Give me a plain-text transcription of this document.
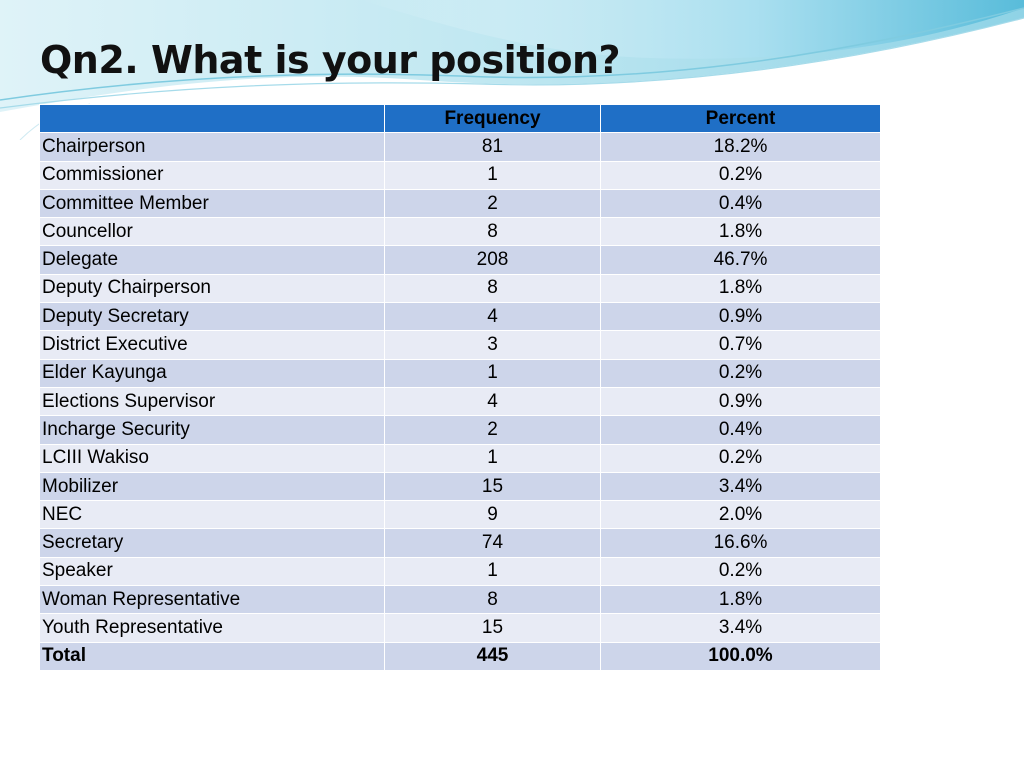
Qn2. What is your position?
	Frequency	Percent
Chairperson	81	18.2%
Commissioner	1	0.2%
Committee Member	2	0.4%
Councellor	8	1.8%
Delegate	208	46.7%
Deputy Chairperson	8	1.8%
Deputy Secretary	4	0.9%
District Executive	3	0.7%
Elder Kayunga	1	0.2%
Elections Supervisor	4	0.9%
Incharge Security	2	0.4%
LCIII Wakiso	1	0.2%
Mobilizer	15	3.4%
NEC	9	2.0%
Secretary	74	16.6%
Speaker	1	0.2%
Woman Representative	8	1.8%
Youth Representative	15	3.4%
Total	445	100.0%
